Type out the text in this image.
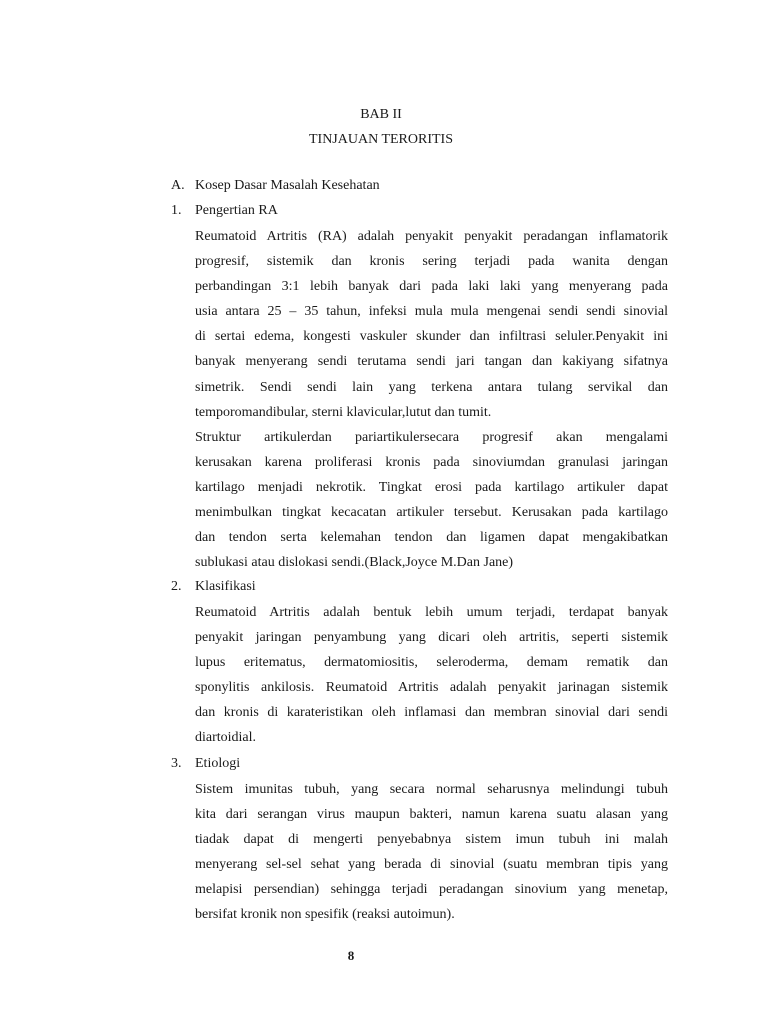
BAB II
TINJAUAN TERORITIS
A. Kosep Dasar Masalah Kesehatan
1. Pengertian RA
Reumatoid Artritis (RA) adalah penyakit penyakit peradangan inflamatorik
progresif, sistemik dan kronis sering terjadi pada wanita dengan
perbandingan 3:1 lebih banyak dari pada laki laki yang menyerang pada
usia antara 25 – 35 tahun, infeksi mula mula mengenai sendi sendi sinovial
di sertai edema, kongesti vaskuler skunder dan infiltrasi seluler.Penyakit ini
banyak menyerang sendi terutama sendi jari tangan dan kakiyang sifatnya
simetrik. Sendi sendi lain yang terkena antara tulang servikal dan
temporomandibular, sterni klavicular,lutut dan tumit.
Struktur artikulerdan pariartikulersecara progresif akan mengalami
kerusakan karena proliferasi kronis pada sinoviumdan granulasi jaringan
kartilago menjadi nekrotik. Tingkat erosi pada kartilago artikuler dapat
menimbulkan tingkat kecacatan artikuler tersebut. Kerusakan pada kartilago
dan tendon serta kelemahan tendon dan ligamen dapat mengakibatkan
sublukasi atau dislokasi sendi.(Black,Joyce M.Dan Jane)
2. Klasifikasi
Reumatoid Artritis adalah bentuk lebih umum terjadi, terdapat banyak
penyakit jaringan penyambung yang dicari oleh artritis, seperti sistemik
lupus eritematus, dermatomiositis, seleroderma, demam rematik dan
sponylitis ankilosis. Reumatoid Artritis adalah penyakit jarinagan sistemik
dan kronis di karateristikan oleh inflamasi dan membran sinovial dari sendi
diartoidial.
3. Etiologi
Sistem imunitas tubuh, yang secara normal seharusnya melindungi tubuh
kita dari serangan virus maupun bakteri, namun karena suatu alasan yang
tiadak dapat di mengerti penyebabnya sistem imun tubuh ini malah
menyerang sel-sel sehat yang berada di sinovial (suatu membran tipis yang
melapisi persendian) sehingga terjadi peradangan sinovium yang menetap,
bersifat kronik non spesifik (reaksi autoimun).
8
